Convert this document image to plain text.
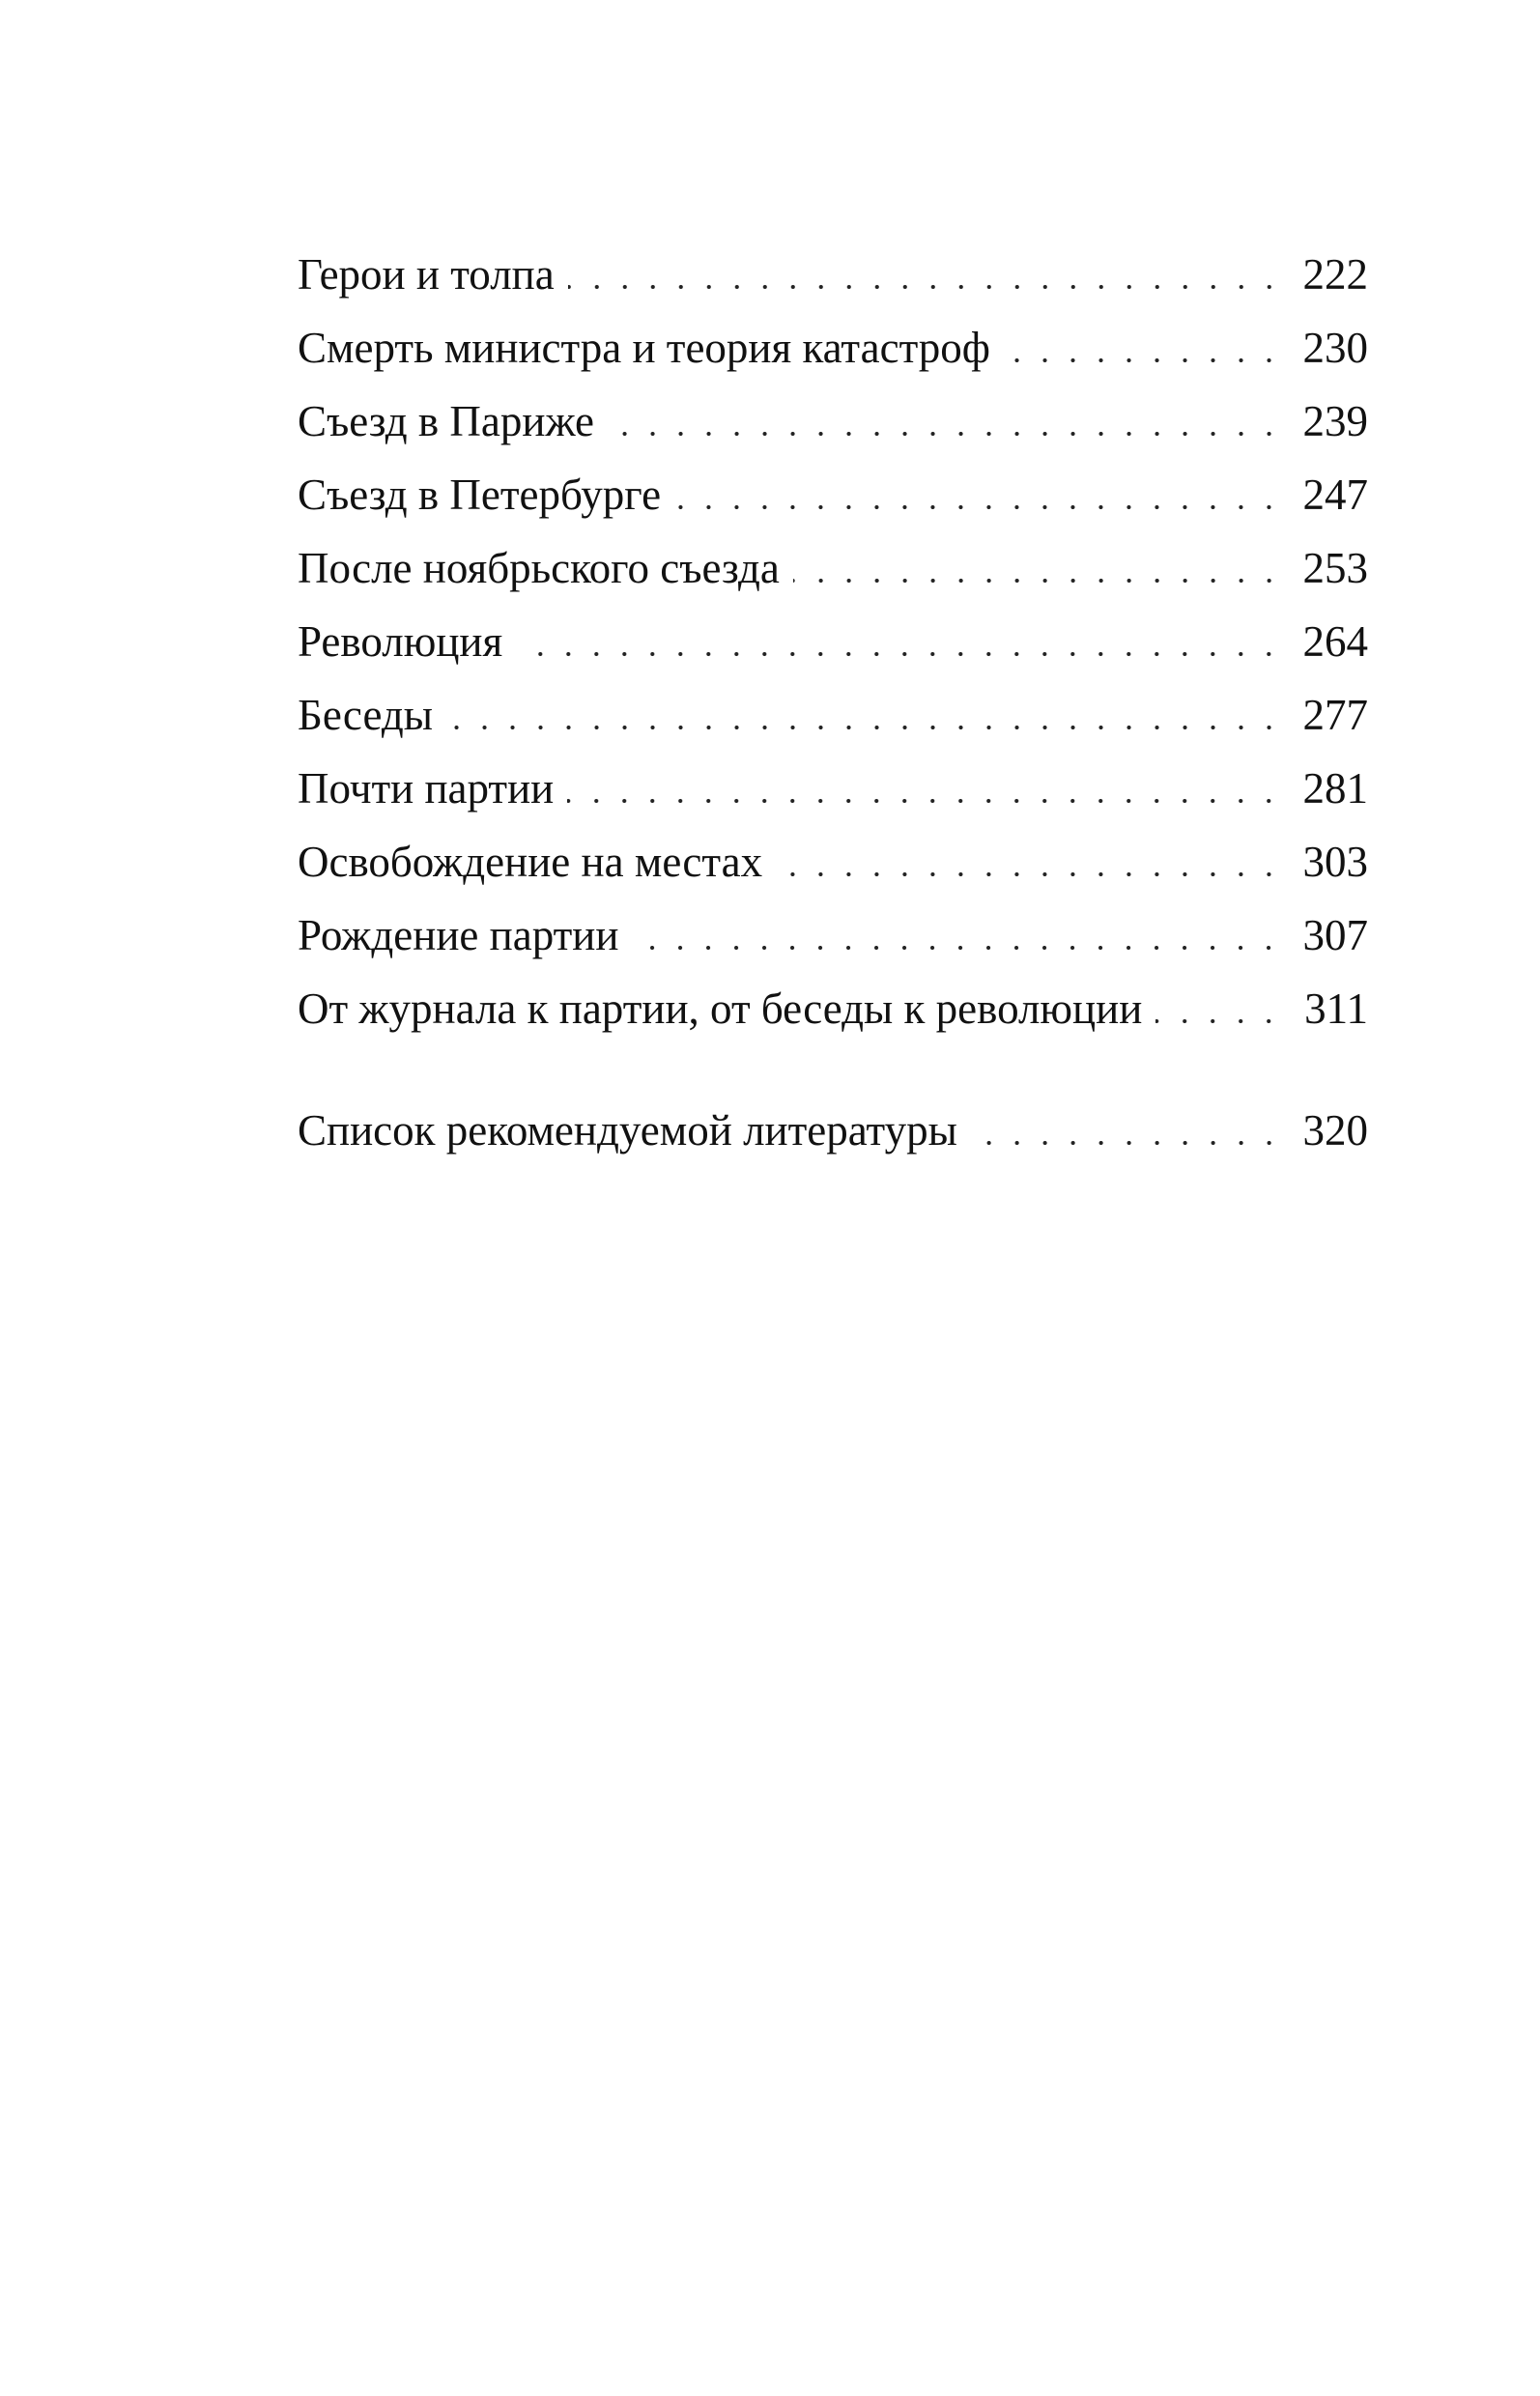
Герои и толпа	222
Смерть министра и теория катастроф	230
Съезд в Париже	239
Съезд в Петербурге	247
После ноябрьского съезда	253
Революция	264
Беседы	277
Почти партии	281
Освобождение на местах	303
Рождение партии	307
От журнала к партии, от беседы к революции	311
Список рекомендуемой литературы	320
